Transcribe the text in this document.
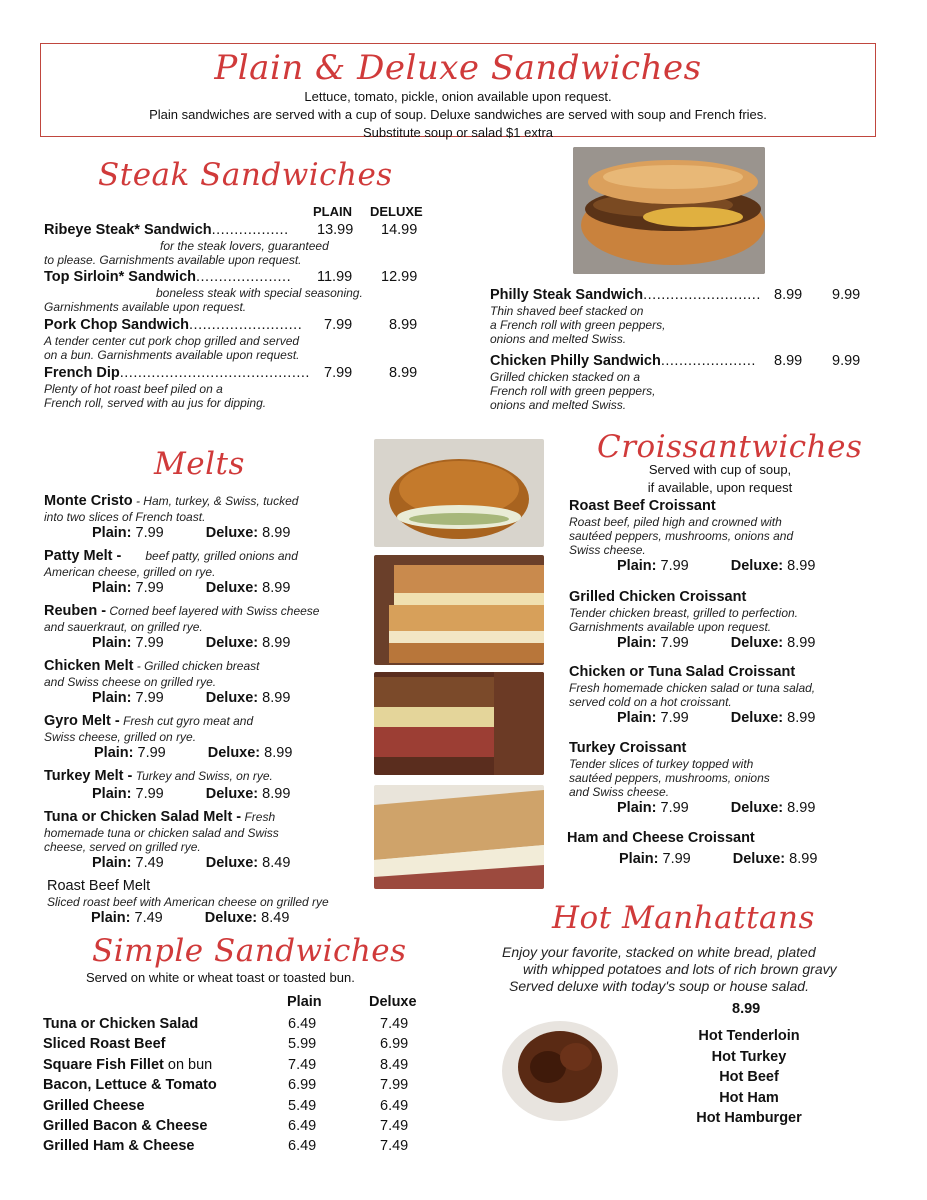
Plain & Deluxe Sandwiches
Lettuce, tomato, pickle, onion available upon request.
Plain sandwiches are served with a cup of soup. Deluxe sandwiches are served with soup and French fries.
Substitute soup or salad $1 extra
Steak Sandwiches
PLAIN DELUXE
Ribeye Steak* Sandwich.................
for the steak lovers, guaranteed
to please. Garnishments available upon request.
13.99 14.99
Top Sirloin* Sandwich.....................
boneless steak with special seasoning.
Garnishments available upon request.
11.99 12.99
Pork Chop Sandwich.........................
A tender center cut pork chop grilled and served
on a bun. Garnishments available upon request.
7.99	8.99
French Dip..........................................
Plenty of hot roast beef piled on a
French roll, served with au jus for dipping.
7.99	8.99
Philly Steak Sandwich..........................
Thin shaved beef stacked on
a French roll with green peppers,
onions and melted Swiss.
8.99 9.99
Chicken Philly Sandwich.....................
Grilled chicken stacked on a
French roll with green peppers,
onions and melted Swiss.
8.99 9.99
Melts
Monte Cristo - Ham, turkey, & Swiss, tucked
into two slices of French toast.
Plain: 7.99	Deluxe: 8.99
Patty Melt - beef patty, grilled onions and
American cheese, grilled on rye.
Plain: 7.99	Deluxe: 8.99
Reuben - Corned beef layered with Swiss cheese
and sauerkraut, on grilled rye.
Plain: 7.99	Deluxe: 8.99
Chicken Melt - Grilled chicken breast
and Swiss cheese on grilled rye.
Plain: 7.99	Deluxe: 8.99
Gyro Melt - Fresh cut gyro meat and
Swiss cheese, grilled on rye.
Plain: 7.99	Deluxe: 8.99
Turkey Melt - Turkey and Swiss, on rye.
Plain: 7.99	Deluxe: 8.99
Tuna or Chicken Salad Melt - Fresh
homemade tuna or chicken salad and Swiss
cheese, served on grilled rye.
Plain: 7.49	Deluxe: 8.49
Roast Beef Melt
Sliced roast beef with American cheese on grilled rye
Plain: 7.49	Deluxe: 8.49
Croissantwiches
Served with cup of soup,
if available, upon request
Roast Beef Croissant
Roast beef, piled high and crowned with
sautéed peppers, mushrooms, onions and
Swiss cheese.
Plain: 7.99	Deluxe: 8.99
Grilled Chicken Croissant
Tender chicken breast, grilled to perfection.
Garnishments available upon request.
Plain: 7.99	Deluxe: 8.99
Chicken or Tuna Salad Croissant
Fresh homemade chicken salad or tuna salad,
served cold on a hot croissant.
Plain: 7.99	Deluxe: 8.99
Turkey Croissant
Tender slices of turkey topped with
sautéed peppers, mushrooms, onions
and Swiss cheese.
Plain: 7.99	Deluxe: 8.99
Ham and Cheese Croissant
Plain: 7.99	Deluxe: 8.99
Simple Sandwiches
Served on white or wheat toast or toasted bun.
Plain	Deluxe
Tuna or Chicken Salad	6.49	7.49
Sliced Roast Beef	5.99	6.99
Square Fish Fillet on bun	7.49	8.49
Bacon, Lettuce & Tomato	6.99	7.99
Grilled Cheese	5.49	6.49
Grilled Bacon & Cheese	6.49	7.49
Grilled Ham & Cheese	6.49	7.49
Hot Manhattans
Enjoy your favorite, stacked on white bread, plated
with whipped potatoes and lots of rich brown gravy
Served deluxe with today's soup or house salad.
8.99
Hot Tenderloin
Hot Turkey
Hot Beef
Hot Ham
Hot Hamburger
